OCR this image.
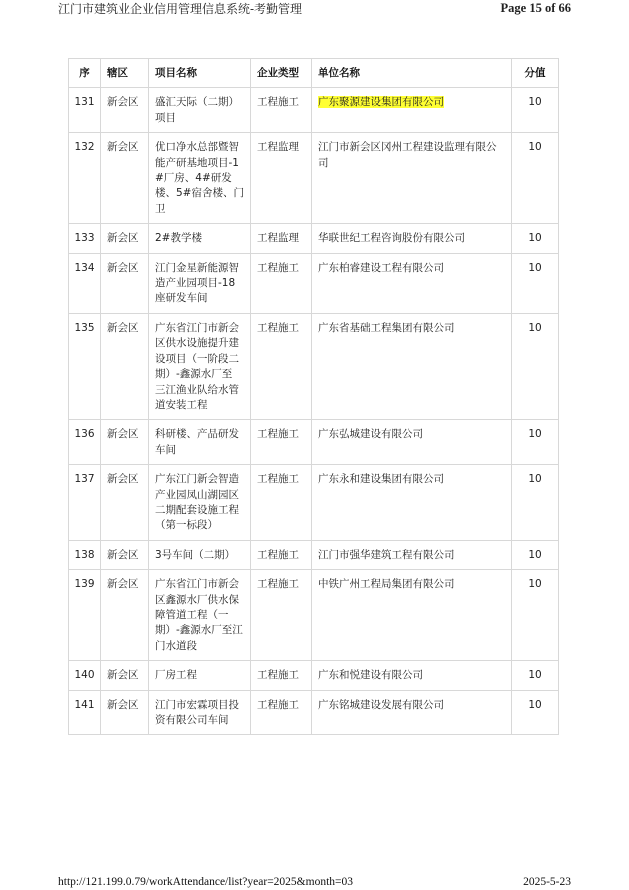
江门市建筑业企业信用管理信息系统-考勤管理	Page 15 of 66
序	辖区	项目名称	企业类型	单位名称	分值
131	新会区	盛汇天际（二期）项目	工程施工	广东聚源建设集团有限公司	10
132	新会区	优口净水总部暨智能产研基地项目-1#厂房、4#研发楼、5#宿舍楼、门卫	工程监理	江门市新会区冈州工程建设监理有限公司	10
133	新会区	2#教学楼	工程监理	华联世纪工程咨询股份有限公司	10
134	新会区	江门金星新能源智造产业园项目-18座研发车间	工程施工	广东柏睿建设工程有限公司	10
135	新会区	广东省江门市新会区供水设施提升建设项目（一阶段二期）-鑫源水厂至 三江渔业队给水管道安装工程	工程施工	广东省基础工程集团有限公司	10
136	新会区	科研楼、产品研发车间	工程施工	广东弘城建设有限公司	10
137	新会区	广东江门新会智造产业园凤山湖园区二期配套设施工程（第一标段）	工程施工	广东永和建设集团有限公司	10
138	新会区	3号车间（二期）	工程施工	江门市强华建筑工程有限公司	10
139	新会区	广东省江门市新会区鑫源水厂供水保障管道工程（一期）-鑫源水厂至江门水道段	工程施工	中铁广州工程局集团有限公司	10
140	新会区	厂房工程	工程施工	广东和悦建设有限公司	10
141	新会区	江门市宏霖项目投资有限公司车间	工程施工	广东铭城建设发展有限公司	10
http://121.199.0.79/workAttendance/list?year=2025&month=03	2025-5-23
